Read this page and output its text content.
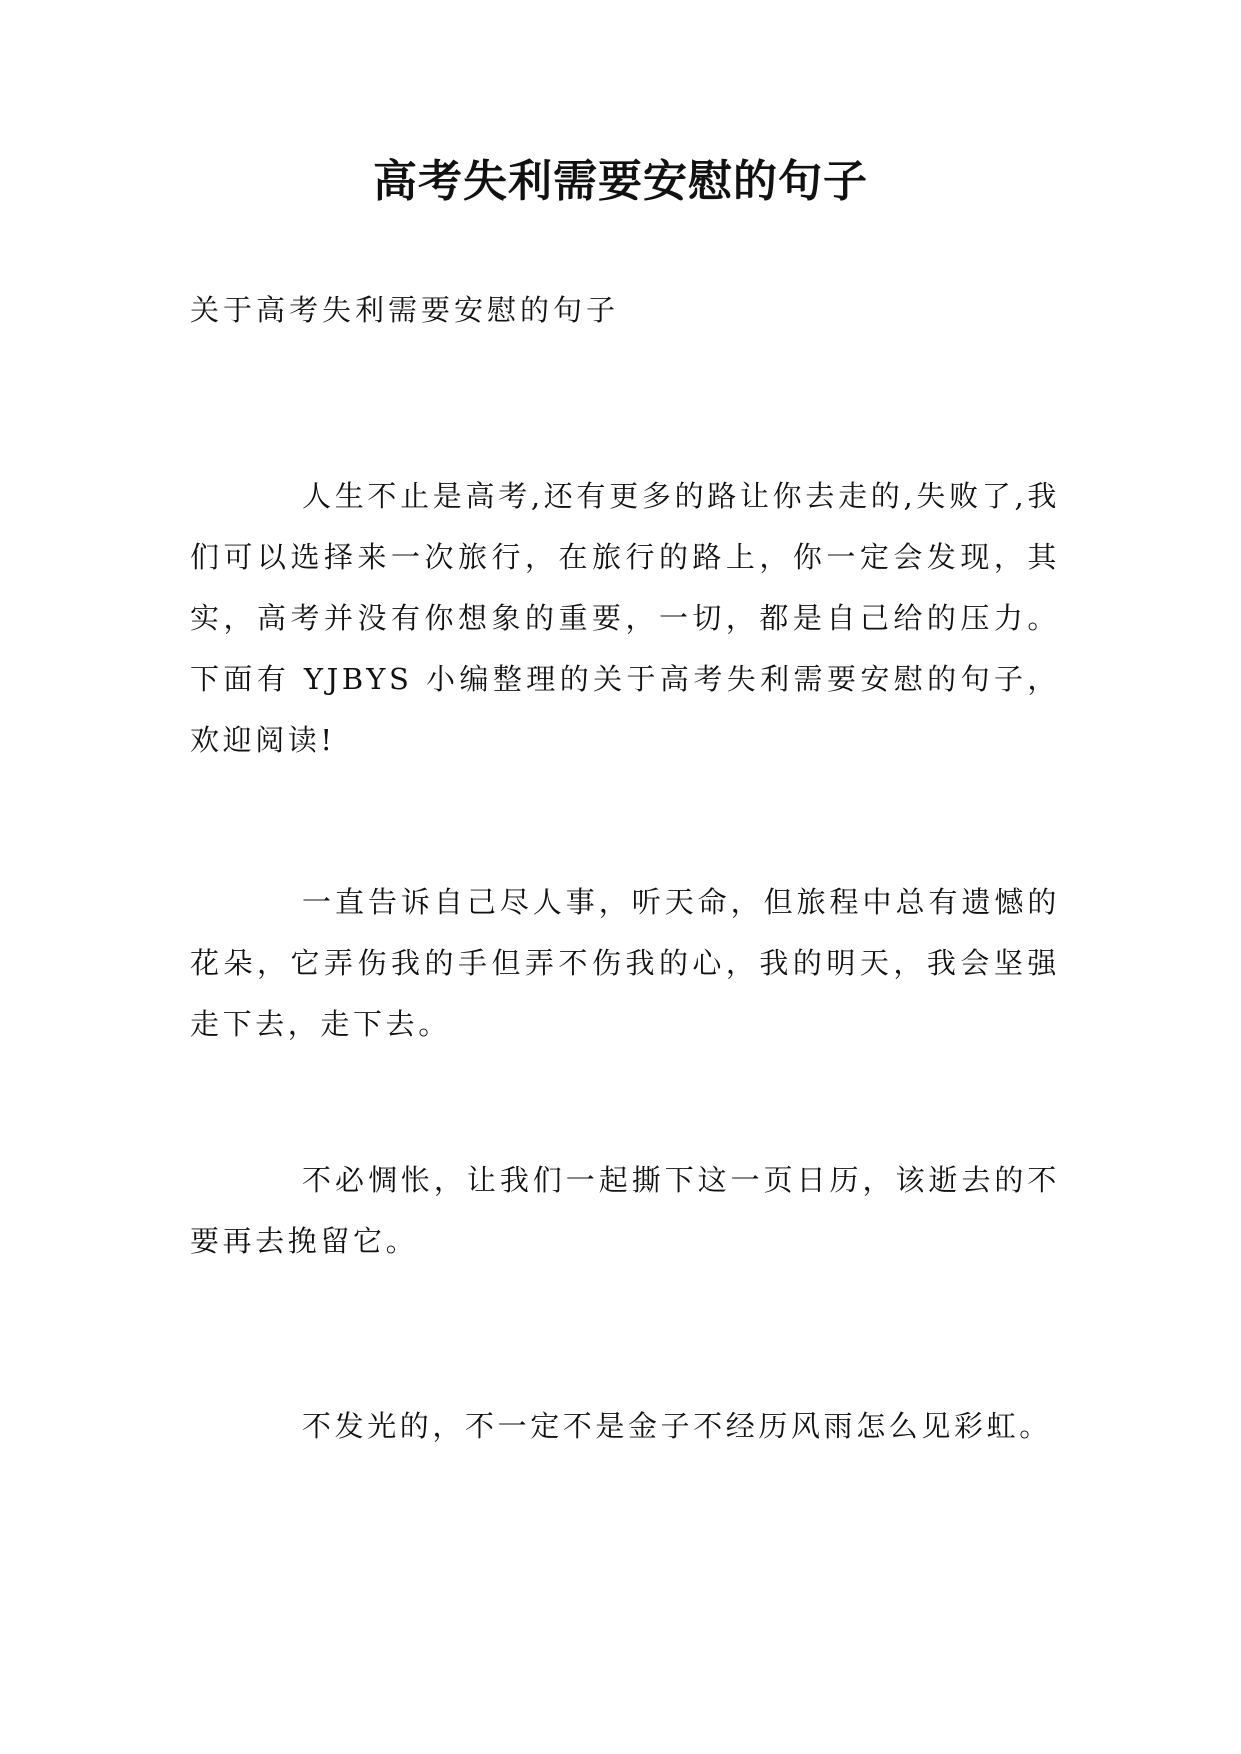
高考失利需要安慰的句子

关于高考失利需要安慰的句子

人生不止是高考,还有更多的路让你去走的,失败了,我们可以选择来一次旅行，在旅行的路上，你一定会发现，其实，高考并没有你想象的重要，一切，都是自己给的压力。下面有 YJBYS 小编整理的关于高考失利需要安慰的句子，欢迎阅读!

一直告诉自己尽人事，听天命，但旅程中总有遗憾的花朵，它弄伤我的手但弄不伤我的心，我的明天，我会坚强走下去，走下去。

不必惆怅，让我们一起撕下这一页日历，该逝去的不要再去挽留它。

不发光的，不一定不是金子不经历风雨怎么见彩虹。
